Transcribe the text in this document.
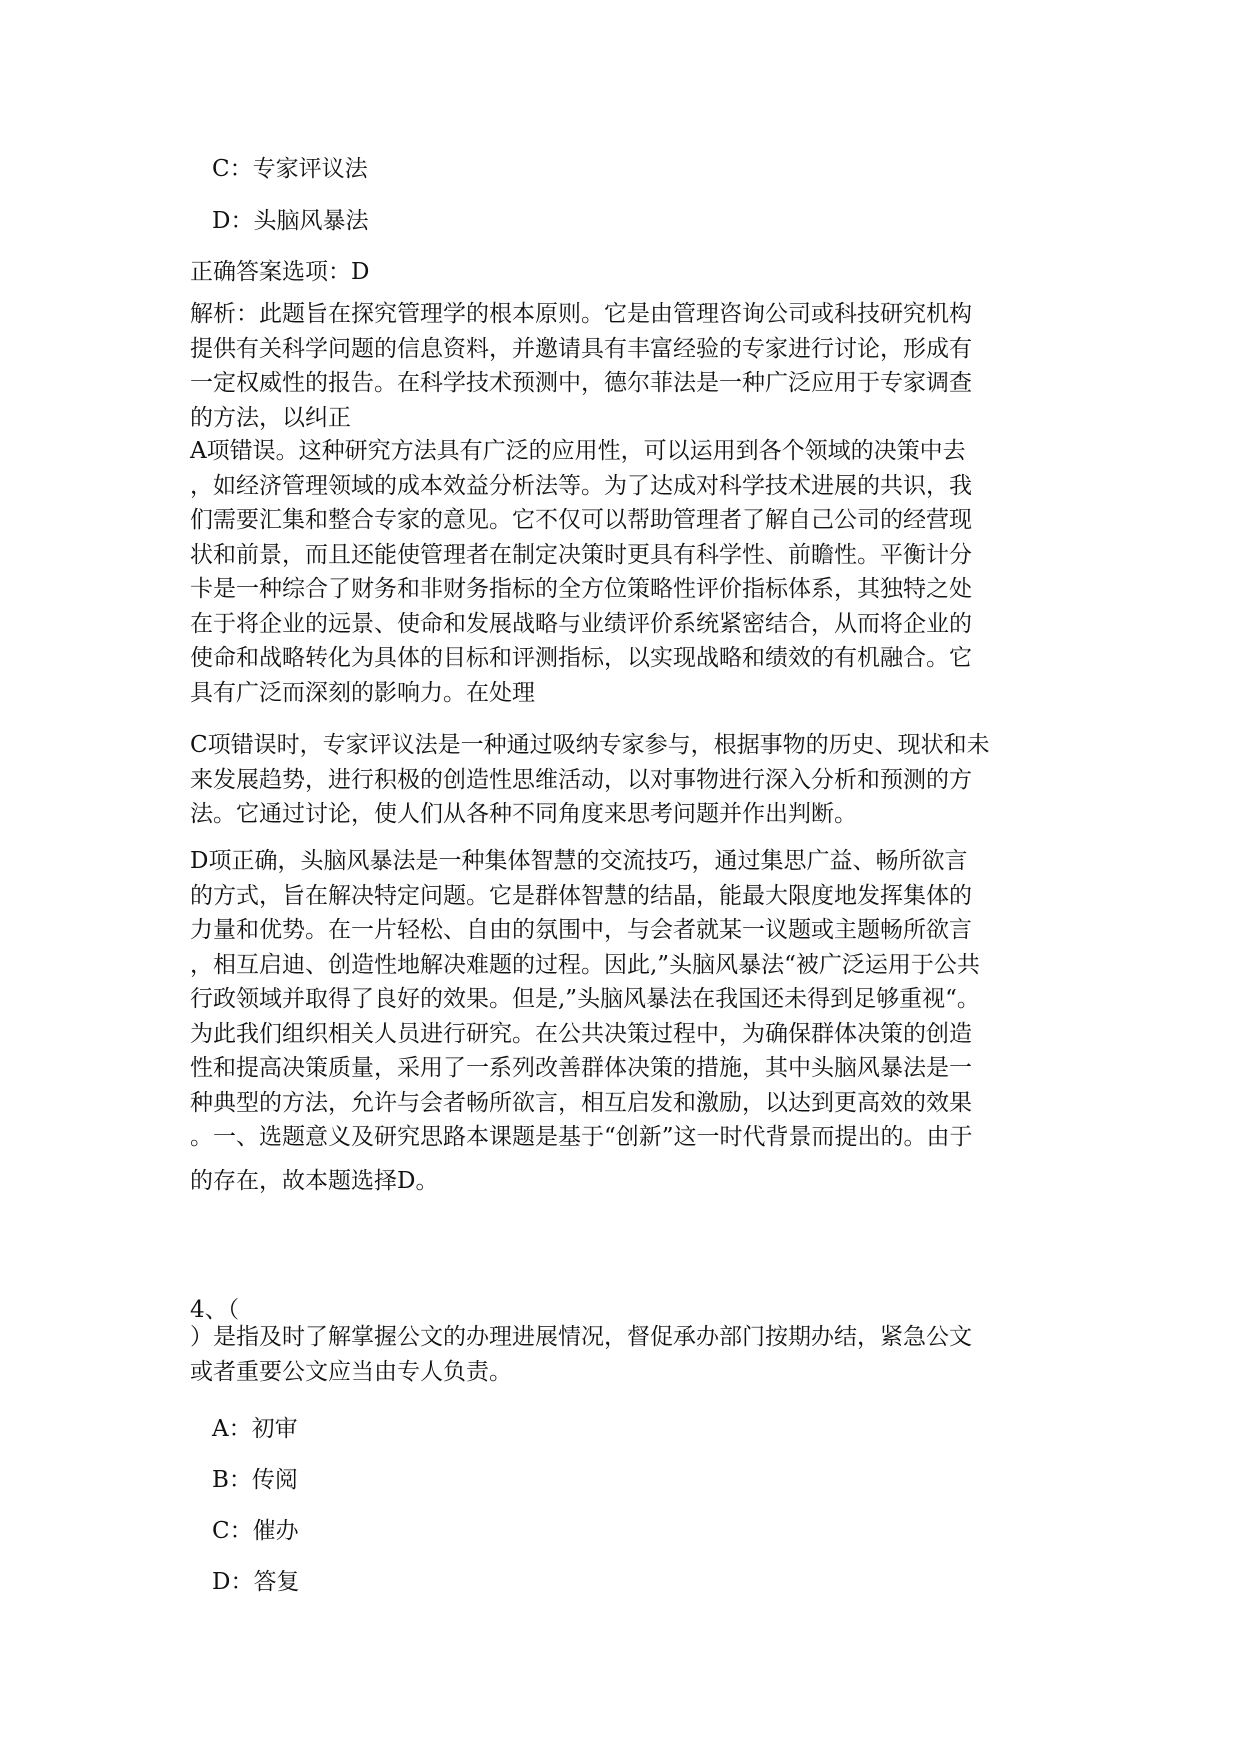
C：专家评议法

D：头脑风暴法

正确答案选项：D

解析：此题旨在探究管理学的根本原则。它是由管理咨询公司或科技研究机构
提供有关科学问题的信息资料，并邀请具有丰富经验的专家进行讨论，形成有
一定权威性的报告。在科学技术预测中，德尔菲法是一种广泛应用于专家调查
的方法，以纠正
A项错误。这种研究方法具有广泛的应用性，可以运用到各个领域的决策中去
，如经济管理领域的成本效益分析法等。为了达成对科学技术进展的共识，我
们需要汇集和整合专家的意见。它不仅可以帮助管理者了解自己公司的经营现
状和前景，而且还能使管理者在制定决策时更具有科学性、前瞻性。平衡计分
卡是一种综合了财务和非财务指标的全方位策略性评价指标体系，其独特之处
在于将企业的远景、使命和发展战略与业绩评价系统紧密结合，从而将企业的
使命和战略转化为具体的目标和评测指标，以实现战略和绩效的有机融合。它
具有广泛而深刻的影响力。在处理
C项错误时，专家评议法是一种通过吸纳专家参与，根据事物的历史、现状和未
来发展趋势，进行积极的创造性思维活动，以对事物进行深入分析和预测的方
法。它通过讨论，使人们从各种不同角度来思考问题并作出判断。
D项正确，头脑风暴法是一种集体智慧的交流技巧，通过集思广益、畅所欲言
的方式，旨在解决特定问题。它是群体智慧的结晶，能最大限度地发挥集体的
力量和优势。在一片轻松、自由的氛围中，与会者就某一议题或主题畅所欲言
，相互启迪、创造性地解决难题的过程。因此,”头脑风暴法“被广泛运用于公共
行政领域并取得了良好的效果。但是,”头脑风暴法在我国还未得到足够重视“。
为此我们组织相关人员进行研究。在公共决策过程中，为确保群体决策的创造
性和提高决策质量，采用了一系列改善群体决策的措施，其中头脑风暴法是一
种典型的方法，允许与会者畅所欲言，相互启发和激励，以达到更高效的效果
。一、选题意义及研究思路本课题是基于“创新”这一时代背景而提出的。由于

的存在，故本题选择D。

4、（

）是指及时了解掌握公文的办理进展情况，督促承办部门按期办结，紧急公文
或者重要公文应当由专人负责。

A：初审

B：传阅

C：催办

D：答复
